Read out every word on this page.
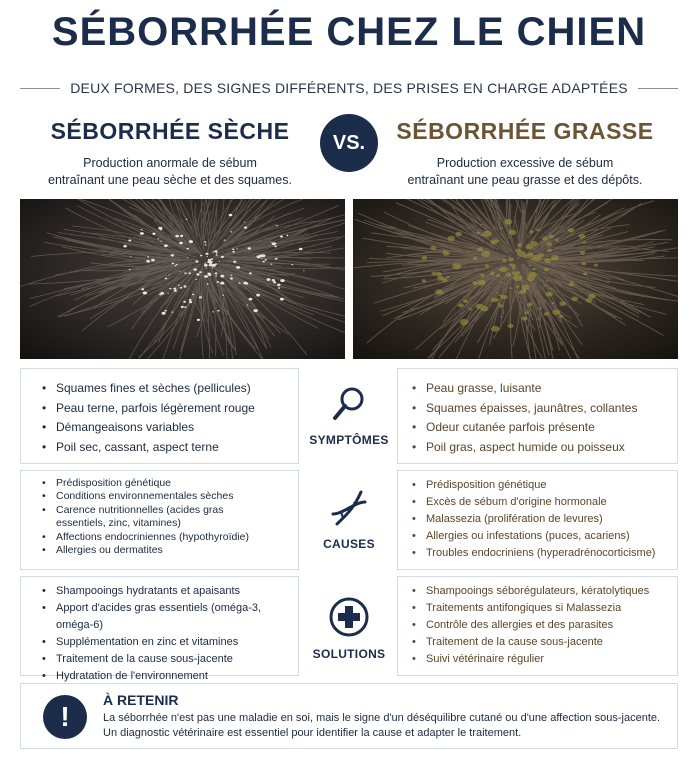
SÉBORRHÉE CHEZ LE CHIEN
DEUX FORMES, DES SIGNES DIFFÉRENTS, DES PRISES EN CHARGE ADAPTÉES
SÉBORRHÉE SÈCHE

Production anormale de sébum
entraînant une peau sèche et des squames.

VS.	SÉBORRHÉE GRASSE

Production excessive de sébum
entraînant une peau grasse et des dépôts.

• Squames fines et sèches (pellicules)
• Peau terne, parfois légèrement rouge
• Démangeaisons variables
• Poil sec, cassant, aspect terne	SYMPTÔMES
• Peau grasse, luisante
• Squames épaisses, jaunâtres, collantes
• Odeur cutanée parfois présente
• Poil gras, aspect humide ou poisseux
• Prédisposition génétique
• Conditions environnementales sèches
• Carence nutritionnelles (acides gras essentiels, zinc, vitamines)
• Affections endocriniennes (hypothyroïdie)
• Allergies ou dermatites	CAUSES
• Prédisposition génétique
• Excès de sébum d'origine hormonale
• Malassezia (prolifération de levures)
• Allergies ou infestations (puces, acariens)
• Troubles endocriniens (hyperadrénocorticisme)
• Shampooings hydratants et apaisants
• Apport d'acides gras essentiels (oméga-3, oméga-6)
• Supplémentation en zinc et vitamines
• Traitement de la cause sous-jacente
• Hydratation de l'environnement
SOLUTIONS
• Shampooings séborégulateurs, kératolytiques
• Traitements antifongiques si Malassezia
• Contrôle des allergies et des parasites
• Traitement de la cause sous-jacente
• Suivi vétérinaire régulier
!
À RETENIR

La séborrhée n'est pas une maladie en soi, mais le signe d'un déséquilibre cutané ou d'une affection sous-jacente.
Un diagnostic vétérinaire est essentiel pour identifier la cause et adapter le traitement.
